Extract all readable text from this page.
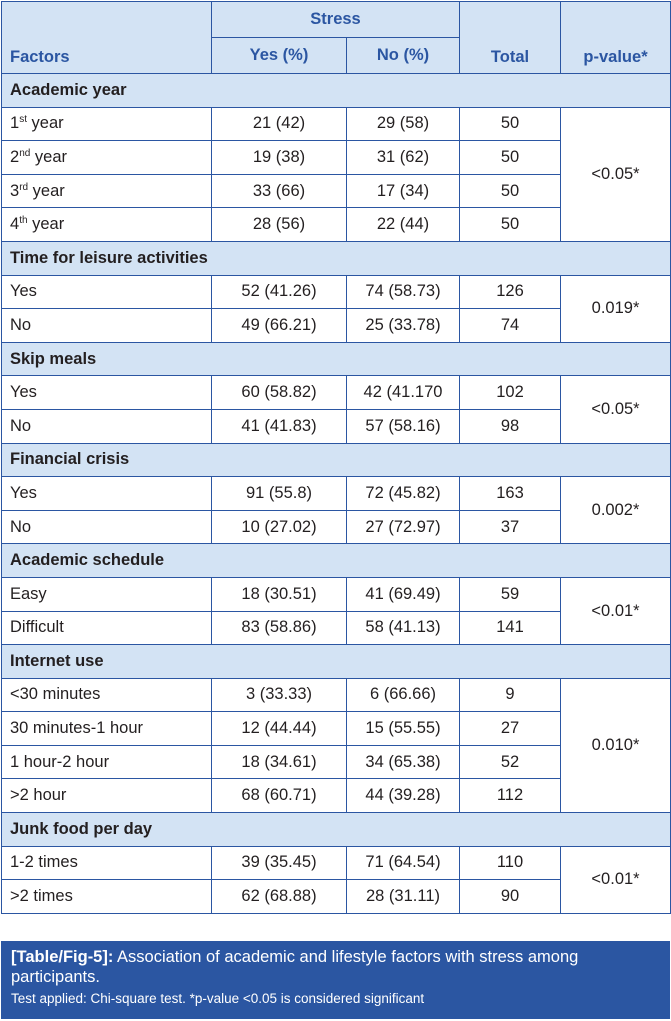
Factors	Stress		Total	p-value*
	Yes (%)	No (%)		
Academic year				
1st year	21 (42)	29 (58)	50	<0.05*
2nd year	19 (38)	31 (62)	50	
3rd year	33 (66)	17 (34)	50	
4th year	28 (56)	22 (44)	50	
Time for leisure activities				
Yes	52 (41.26)	74 (58.73)	126	0.019*
No	49 (66.21)	25 (33.78)	74	
Skip meals				
Yes	60 (58.82)	42 (41.170	102	<0.05*
No	41 (41.83)	57 (58.16)	98	
Financial crisis				
Yes	91 (55.8)	72 (45.82)	163	0.002*
No	10 (27.02)	27 (72.97)	37	
Academic schedule				
Easy	18 (30.51)	41 (69.49)	59	<0.01*
Difficult	83 (58.86)	58 (41.13)	141	
Internet use				
<30 minutes	3 (33.33)	6 (66.66)	9	0.010*
30 minutes-1 hour	12 (44.44)	15 (55.55)	27	
1 hour-2 hour	18 (34.61)	34 (65.38)	52	
>2 hour	68 (60.71)	44 (39.28)	112	
Junk food per day				
1-2 times	39 (35.45)	71 (64.54)	110	<0.01*
>2 times	62 (68.88)	28 (31.11)	90	
[Table/Fig-5]: Association of academic and lifestyle factors with stress among participants.
Test applied: Chi-square test. *p-value <0.05 is considered significant
